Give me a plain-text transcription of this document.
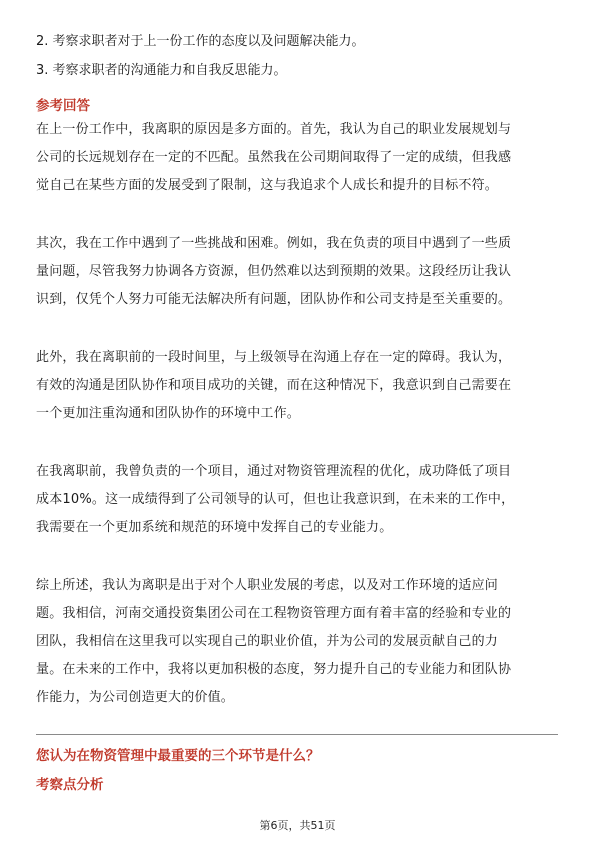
2. 考察求职者对于上一份工作的态度以及问题解决能力。
3. 考察求职者的沟通能力和自我反思能力。
参考回答
在上一份工作中，我离职的原因是多方面的。首先，我认为自己的职业发展规划与
公司的长远规划存在一定的不匹配。虽然我在公司期间取得了一定的成绩，但我感
觉自己在某些方面的发展受到了限制，这与我追求个人成长和提升的目标不符。
其次，我在工作中遇到了一些挑战和困难。例如，我在负责的项目中遇到了一些质
量问题，尽管我努力协调各方资源，但仍然难以达到预期的效果。这段经历让我认
识到，仅凭个人努力可能无法解决所有问题，团队协作和公司支持是至关重要的。
此外，我在离职前的一段时间里，与上级领导在沟通上存在一定的障碍。我认为，
有效的沟通是团队协作和项目成功的关键，而在这种情况下，我意识到自己需要在
一个更加注重沟通和团队协作的环境中工作。
在我离职前，我曾负责的一个项目，通过对物资管理流程的优化，成功降低了项目
成本10%。这一成绩得到了公司领导的认可，但也让我意识到，在未来的工作中，
我需要在一个更加系统和规范的环境中发挥自己的专业能力。
综上所述，我认为离职是出于对个人职业发展的考虑，以及对工作环境的适应问
题。我相信，河南交通投资集团公司在工程物资管理方面有着丰富的经验和专业的
团队，我相信在这里我可以实现自己的职业价值，并为公司的发展贡献自己的力
量。在未来的工作中，我将以更加积极的态度，努力提升自己的专业能力和团队协
作能力，为公司创造更大的价值。
您认为在物资管理中最重要的三个环节是什么？
考察点分析
第6页，共51页
